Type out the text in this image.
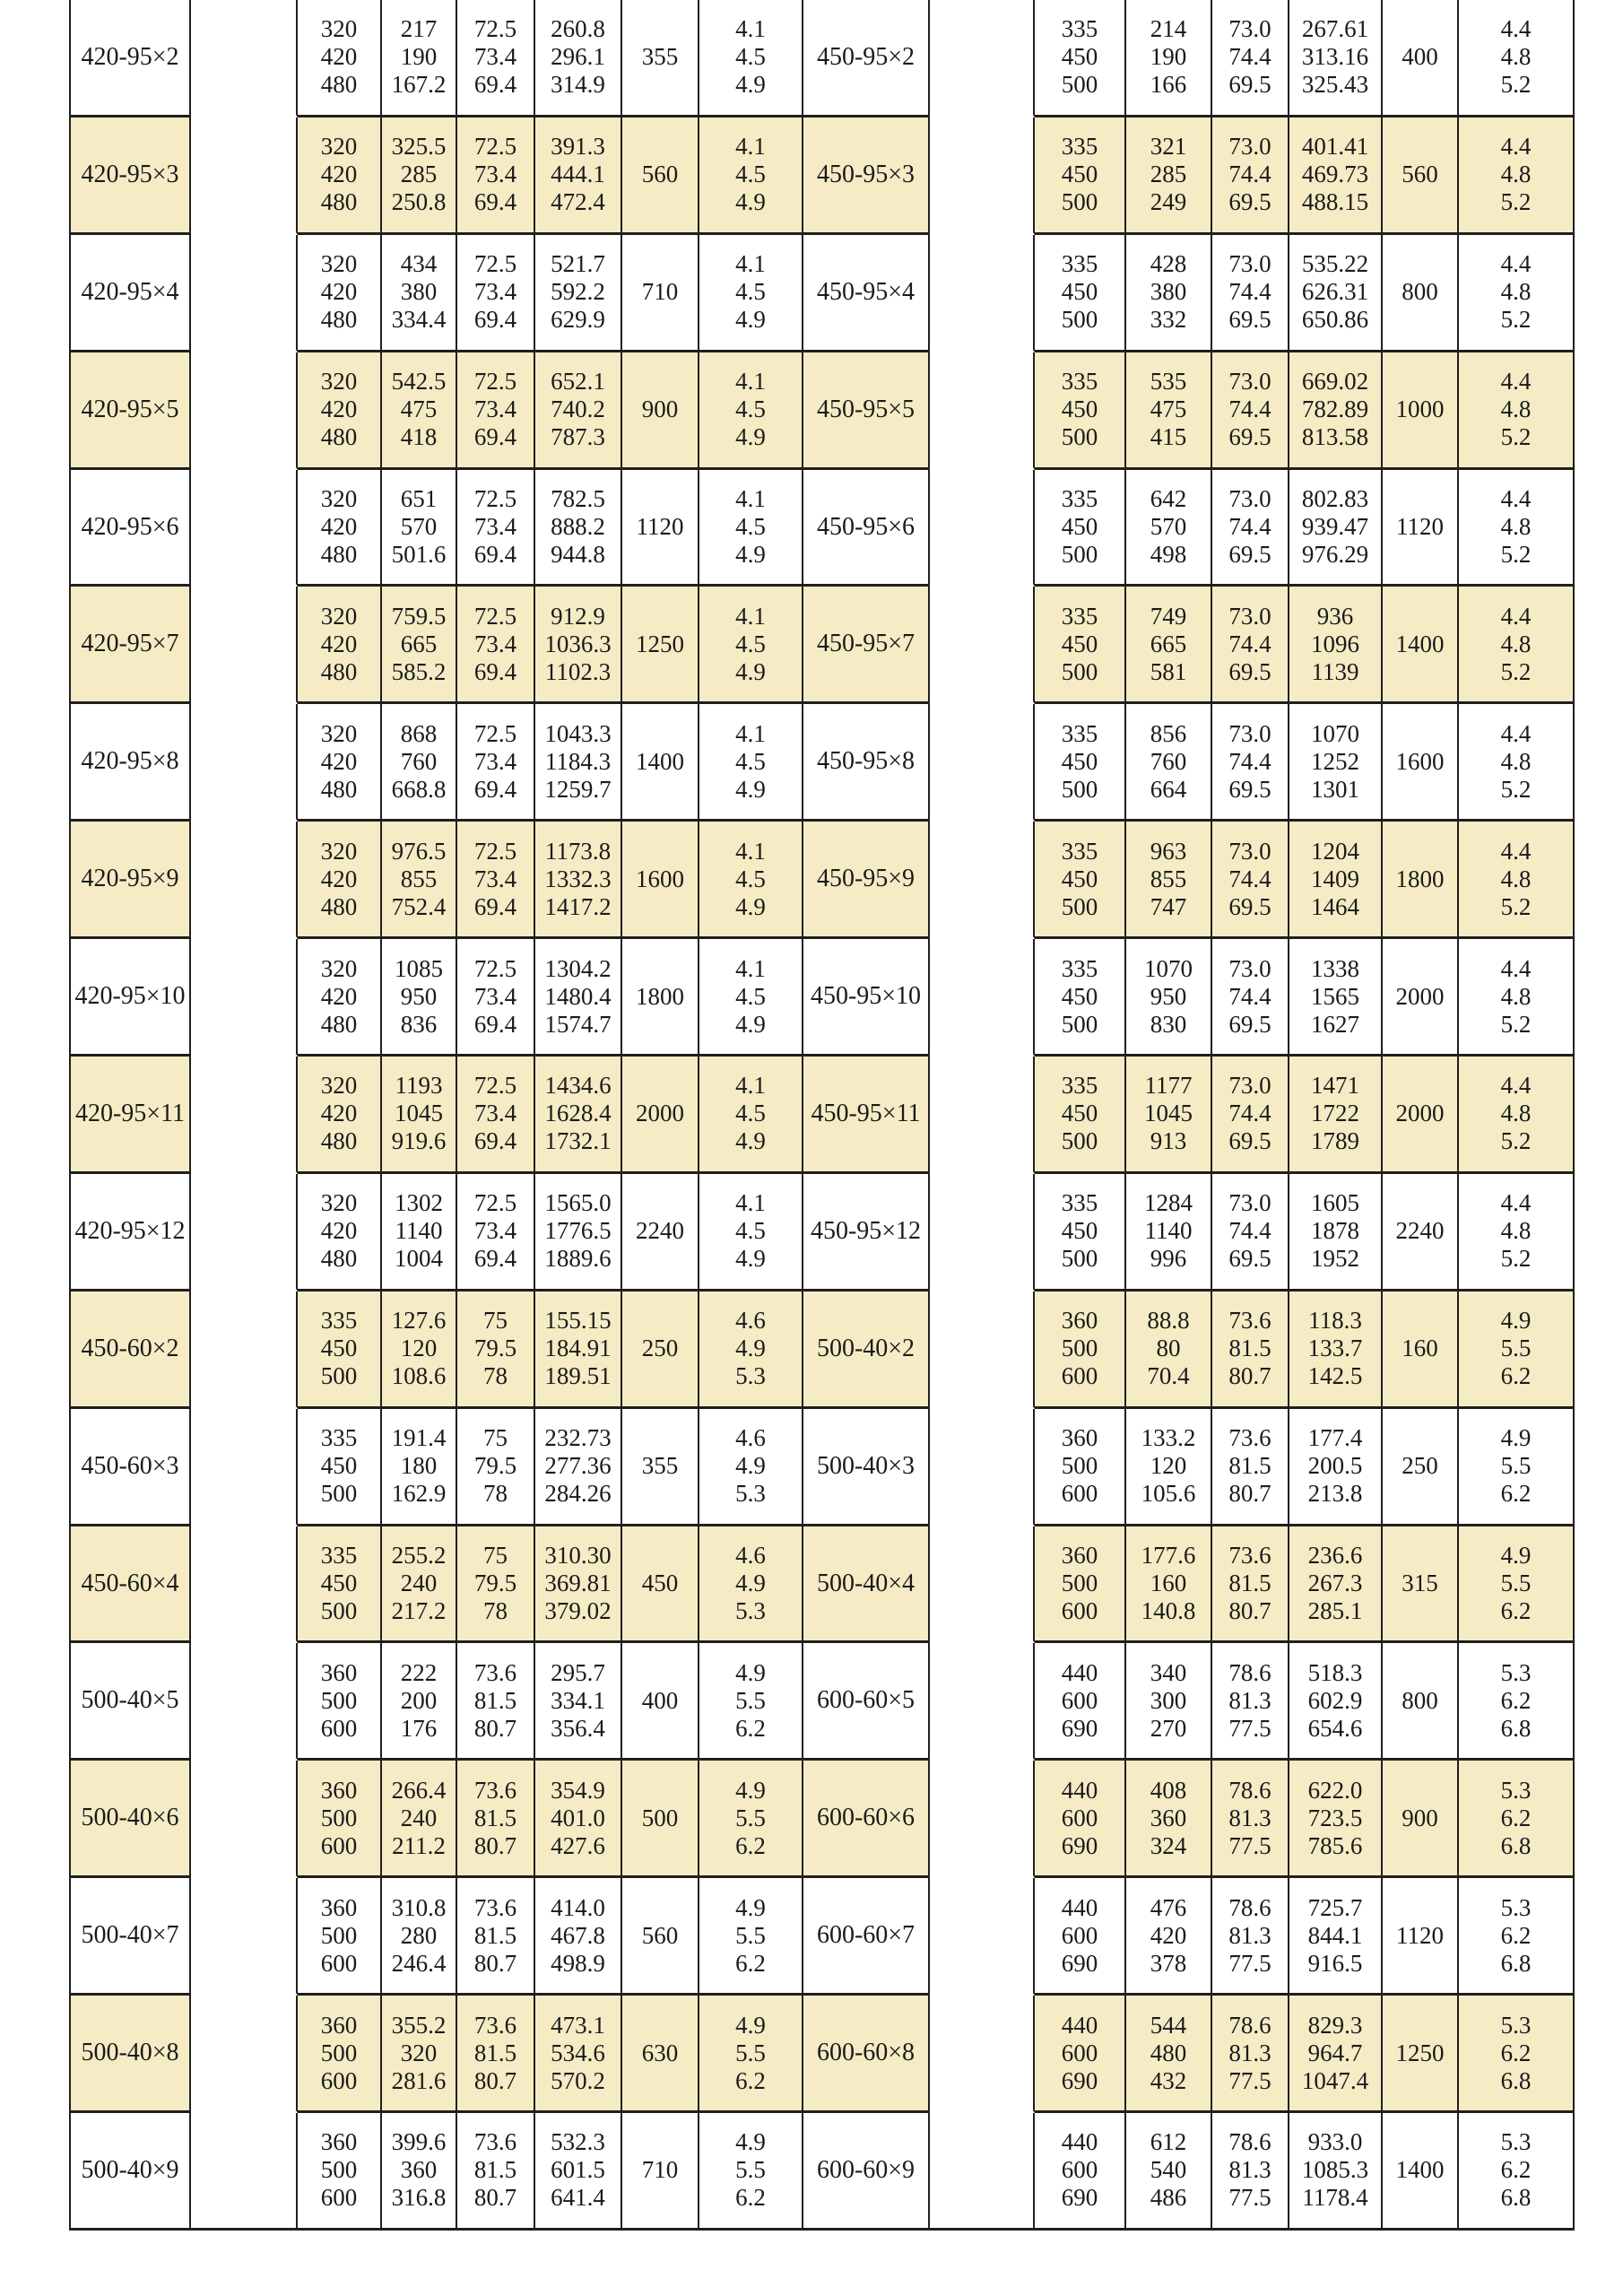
420-95×2
320
420
480
217
190
167.2
72.5
73.4
69.4
260.8
296.1
314.9
355
4.1
4.5
4.9
450-95×2
335
450
500
214
190
166
73.0
74.4
69.5
267.61
313.16
325.43
400
4.4
4.8
5.2
420-95×3
320
420
480
325.5
285
250.8
72.5
73.4
69.4
391.3
444.1
472.4
560
4.1
4.5
4.9
450-95×3
335
450
500
321
285
249
73.0
74.4
69.5
401.41
469.73
488.15
560
4.4
4.8
5.2
420-95×4
320
420
480
434
380
334.4
72.5
73.4
69.4
521.7
592.2
629.9
710
4.1
4.5
4.9
450-95×4
335
450
500
428
380
332
73.0
74.4
69.5
535.22
626.31
650.86
800
4.4
4.8
5.2
420-95×5
320
420
480
542.5
475
418
72.5
73.4
69.4
652.1
740.2
787.3
900
4.1
4.5
4.9
450-95×5
335
450
500
535
475
415
73.0
74.4
69.5
669.02
782.89
813.58
1000
4.4
4.8
5.2
420-95×6
320
420
480
651
570
501.6
72.5
73.4
69.4
782.5
888.2
944.8
1120
4.1
4.5
4.9
450-95×6
335
450
500
642
570
498
73.0
74.4
69.5
802.83
939.47
976.29
1120
4.4
4.8
5.2
420-95×7
320
420
480
759.5
665
585.2
72.5
73.4
69.4
912.9
1036.3
1102.3
1250
4.1
4.5
4.9
450-95×7
335
450
500
749
665
581
73.0
74.4
69.5
936
1096
1139
1400
4.4
4.8
5.2
420-95×8
320
420
480
868
760
668.8
72.5
73.4
69.4
1043.3
1184.3
1259.7
1400
4.1
4.5
4.9
450-95×8
335
450
500
856
760
664
73.0
74.4
69.5
1070
1252
1301
1600
4.4
4.8
5.2
420-95×9
320
420
480
976.5
855
752.4
72.5
73.4
69.4
1173.8
1332.3
1417.2
1600
4.1
4.5
4.9
450-95×9
335
450
500
963
855
747
73.0
74.4
69.5
1204
1409
1464
1800
4.4
4.8
5.2
420-95×10
320
420
480
1085
950
836
72.5
73.4
69.4
1304.2
1480.4
1574.7
1800
4.1
4.5
4.9
450-95×10
335
450
500
1070
950
830
73.0
74.4
69.5
1338
1565
1627
2000
4.4
4.8
5.2
420-95×11
320
420
480
1193
1045
919.6
72.5
73.4
69.4
1434.6
1628.4
1732.1
2000
4.1
4.5
4.9
450-95×11
335
450
500
1177
1045
913
73.0
74.4
69.5
1471
1722
1789
2000
4.4
4.8
5.2
420-95×12
320
420
480
1302
1140
1004
72.5
73.4
69.4
1565.0
1776.5
1889.6
2240
4.1
4.5
4.9
450-95×12
335
450
500
1284
1140
996
73.0
74.4
69.5
1605
1878
1952
2240
4.4
4.8
5.2
450-60×2
335
450
500
127.6
120
108.6
75
79.5
78
155.15
184.91
189.51
250
4.6
4.9
5.3
500-40×2
360
500
600
88.8
80
70.4
73.6
81.5
80.7
118.3
133.7
142.5
160
4.9
5.5
6.2
450-60×3
335
450
500
191.4
180
162.9
75
79.5
78
232.73
277.36
284.26
355
4.6
4.9
5.3
500-40×3
360
500
600
133.2
120
105.6
73.6
81.5
80.7
177.4
200.5
213.8
250
4.9
5.5
6.2
450-60×4
335
450
500
255.2
240
217.2
75
79.5
78
310.30
369.81
379.02
450
4.6
4.9
5.3
500-40×4
360
500
600
177.6
160
140.8
73.6
81.5
80.7
236.6
267.3
285.1
315
4.9
5.5
6.2
500-40×5
360
500
600
222
200
176
73.6
81.5
80.7
295.7
334.1
356.4
400
4.9
5.5
6.2
600-60×5
440
600
690
340
300
270
78.6
81.3
77.5
518.3
602.9
654.6
800
5.3
6.2
6.8
500-40×6
360
500
600
266.4
240
211.2
73.6
81.5
80.7
354.9
401.0
427.6
500
4.9
5.5
6.2
600-60×6
440
600
690
408
360
324
78.6
81.3
77.5
622.0
723.5
785.6
900
5.3
6.2
6.8
500-40×7
360
500
600
310.8
280
246.4
73.6
81.5
80.7
414.0
467.8
498.9
560
4.9
5.5
6.2
600-60×7
440
600
690
476
420
378
78.6
81.3
77.5
725.7
844.1
916.5
1120
5.3
6.2
6.8
500-40×8
360
500
600
355.2
320
281.6
73.6
81.5
80.7
473.1
534.6
570.2
630
4.9
5.5
6.2
600-60×8
440
600
690
544
480
432
78.6
81.3
77.5
829.3
964.7
1047.4
1250
5.3
6.2
6.8
500-40×9
360
500
600
399.6
360
316.8
73.6
81.5
80.7
532.3
601.5
641.4
710
4.9
5.5
6.2
600-60×9
440
600
690
612
540
486
78.6
81.3
77.5
933.0
1085.3
1178.4
1400
5.3
6.2
6.8
